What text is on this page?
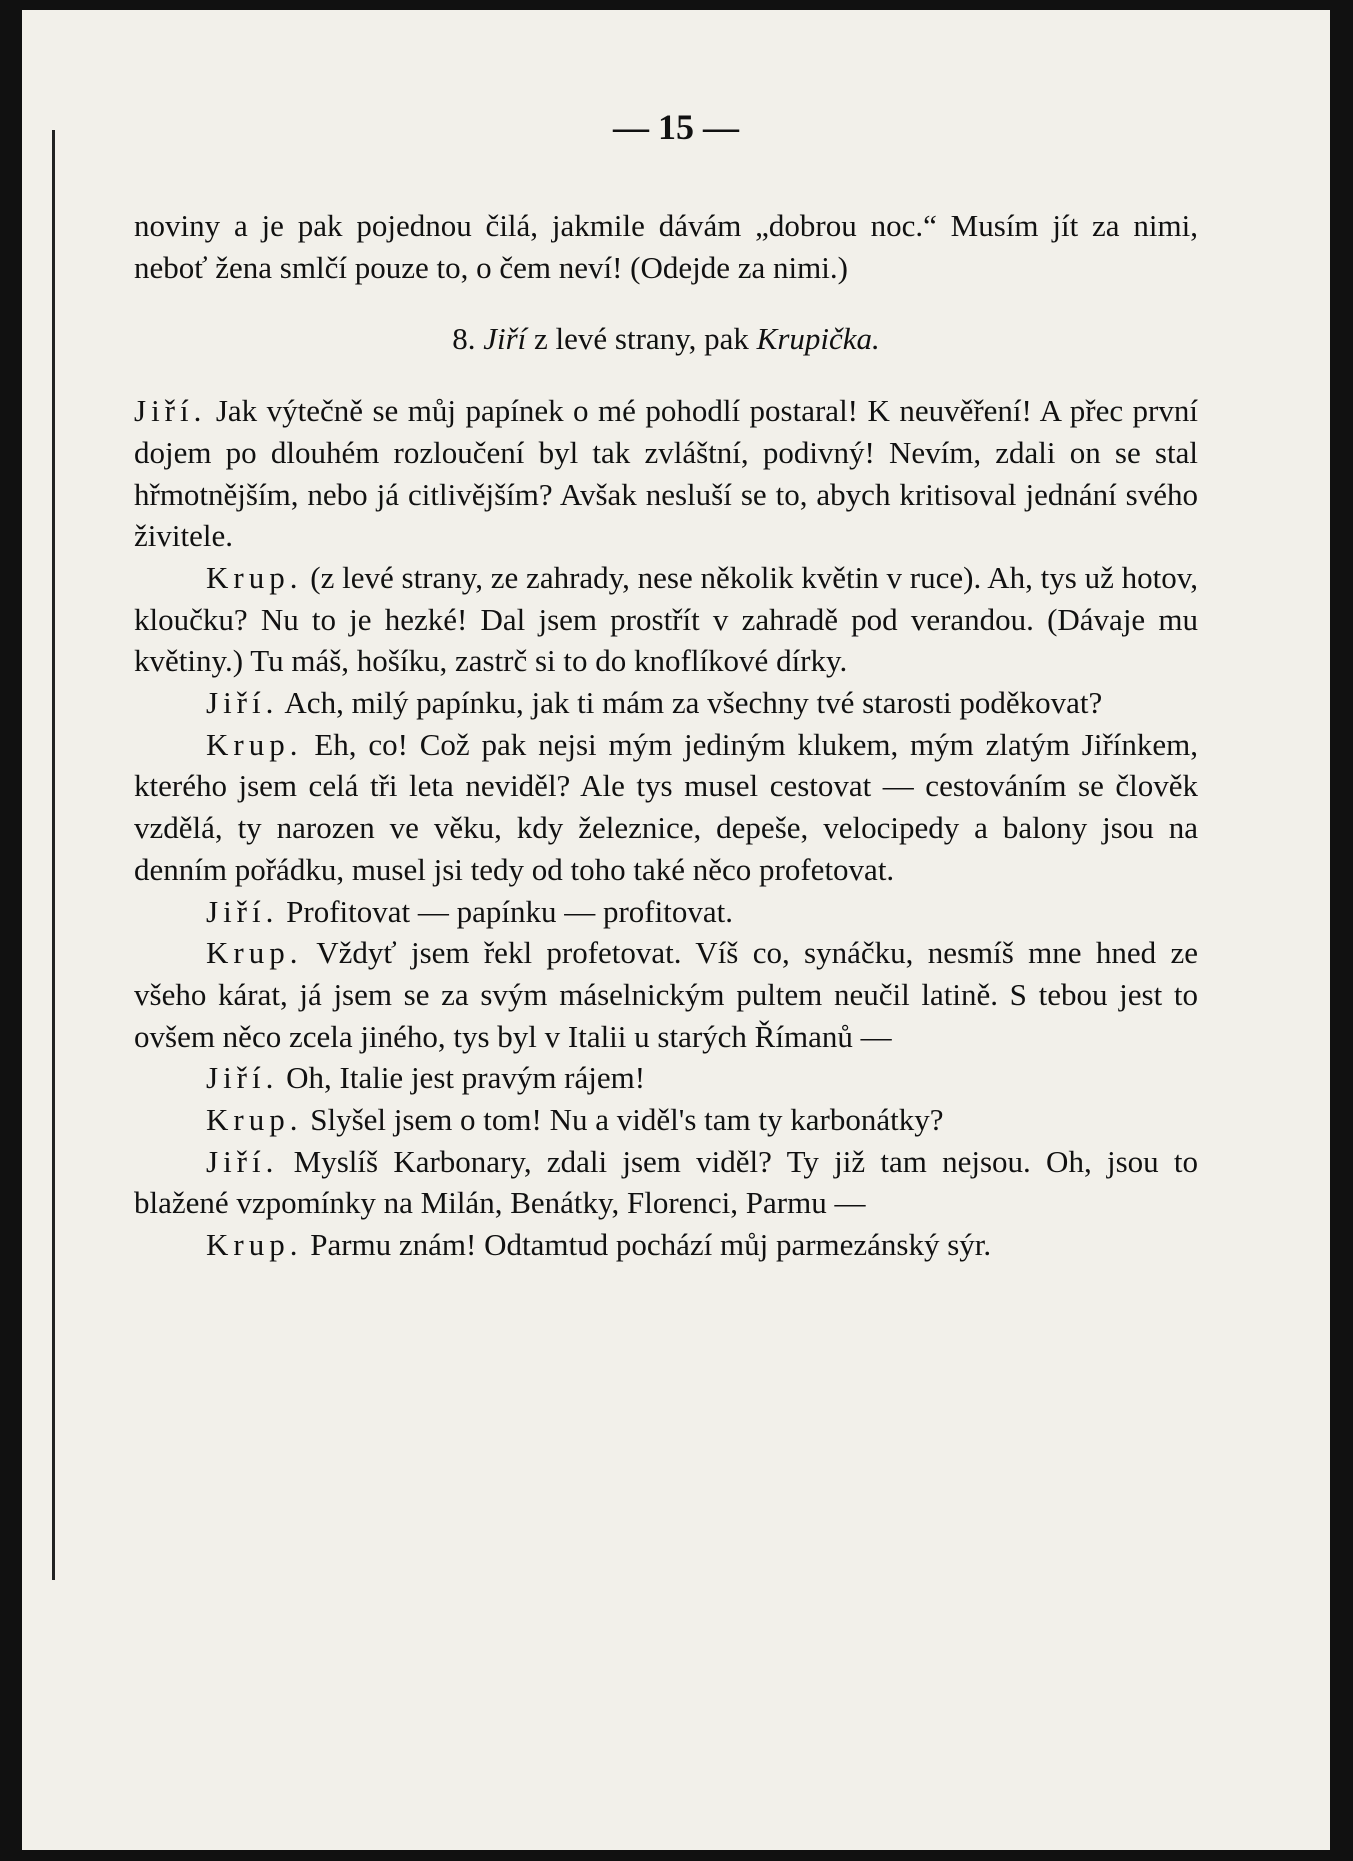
— 15 —

noviny a je pak pojednou čilá, jakmile dávám „dobrou noc.“ Musím jít za nimi, neboť žena smlčí pouze to, o čem neví! (Odejde za nimi.)

8. Jiří z levé strany, pak Krupička.

Jiří. Jak výtečně se můj papínek o mé pohodlí postaral! K neuvěření! A přec první dojem po dlouhém rozloučení byl tak zvláštní, podivný! Nevím, zdali on se stal hřmotnějším, nebo já citlivějším? Avšak nesluší se to, abych kritisoval jednání svého živitele.

Krup. (z levé strany, ze zahrady, nese několik květin v ruce). Ah, tys už hotov, kloučku? Nu to je hezké! Dal jsem prostřít v zahradě pod verandou. (Dávaje mu květiny.) Tu máš, hošíku, zastrč si to do knoflíkové dírky.

Jiří. Ach, milý papínku, jak ti mám za všechny tvé starosti poděkovat?

Krup. Eh, co! Což pak nejsi mým jediným klukem, mým zlatým Jiřínkem, kterého jsem celá tři leta neviděl? Ale tys musel cestovat — cestováním se člověk vzdělá, ty narozen ve věku, kdy železnice, depeše, velocipedy a balony jsou na denním pořádku, musel jsi tedy od toho také něco profetovat.

Jiří. Profitovat — papínku — profitovat.

Krup. Vždyť jsem řekl profetovat. Víš co, synáčku, nesmíš mne hned ze všeho kárat, já jsem se za svým máselnickým pultem neučil latině. S tebou jest to ovšem něco zcela jiného, tys byl v Italii u starých Římanů —

Jiří. Oh, Italie jest pravým rájem!

Krup. Slyšel jsem o tom! Nu a viděl's tam ty karbonátky?

Jiří. Myslíš Karbonary, zdali jsem viděl? Ty již tam nejsou. Oh, jsou to blažené vzpomínky na Milán, Benátky, Florenci, Parmu —

Krup. Parmu znám! Odtamtud pochází můj parmezánský sýr.
